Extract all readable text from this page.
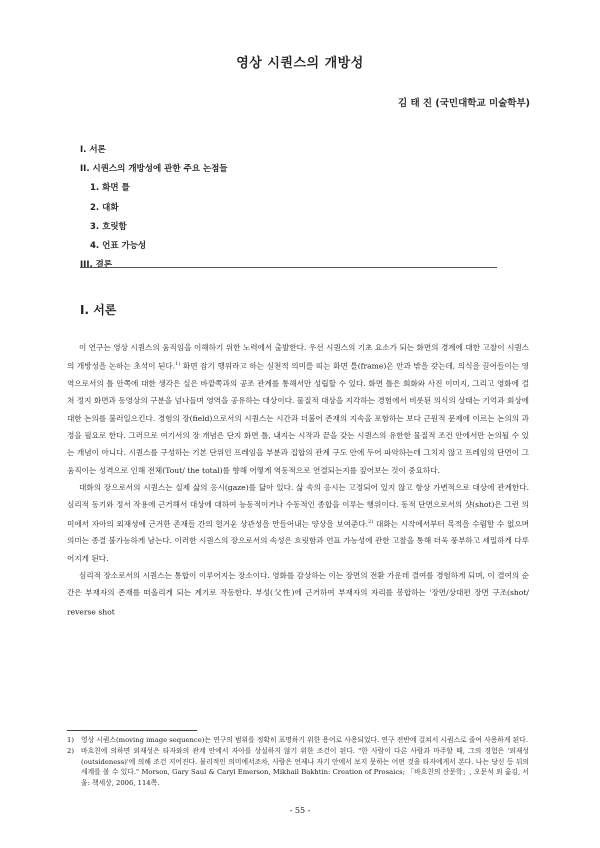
영상 시퀀스의 개방성
김 태 진 (국민대학교 미술학부)
I. 서론
II. 시퀀스의 개방성에 관한 주요 논점들
1. 화면 틀
2. 대화
3. 흐릿함
4. 언표 가능성
III. 결론
I. 서론

이 연구는 영상 시퀀스의 움직임을 이해하기 위한 노력에서 출발한다. 우선 시퀀스의 기초 요소가 되는 화면의 경계에 대한 고찰이 시퀀스의 개방성을 논하는 초석이 된다.$^{1)}$ 화면 잡기 행위라고 하는 실천적 의미를 띠는 화면 틀(frame)은 안과 밖을 갖는데, 의식을 끌어들이는 영역으로서의 틀 안쪽에 대한 생각은 실은 바깥쪽과의 공조 관계를 통해서만 성립할 수 있다. 화면 틀은 회화와 사진 이미지, 그리고 영화에 걸쳐 정지 화면과 동영상의 구분을 넘나들며 영역을 공유하는 대상이다. 물질적 대상을 지각하는 경험에서 비롯된 의식의 상태는 기억과 회상에 대한 논의를 불러일으킨다. 경험의 장(field)으로서의 시퀀스는 시간과 더불어 존재의 지속을 포함하는 보다 근원적 문제에 이르는 논의의 과정을 필요로 한다. 그러므로 여기서의 장 개념은 단지 화면 틀, 내지는 시작과 끝을 갖는 시퀀스의 유한한 물질적 조건 안에서만 논의될 수 있는 개념이 아니다. 시퀀스를 구성하는 기본 단위인 프레임을 부분과 집합의 관계 구도 안에 두어 파악하는데 그치지 않고 프레임의 단면이 그 움직이는 성격으로 인해 전체(Tout/ the total)를 향해 어떻게 역동적으로 연결되는지를 짚어보는 것이 중요하다.

대화의 장으로서의 시퀀스는 실제 삶의 응시(gaze)를 닮아 있다. 삶 속의 응시는 고정되어 있지 않고 항상 가변적으로 대상에 관계한다. 심리적 동기와 정서 작용에 근거해서 대상에 대하여 능동적이거나 수동적인 종합을 이루는 행위이다. 동적 단면으로서의 샷(shot)은 그런 의미에서 자아의 외재성에 근거한 존재들 간의 헐거운 상관성을 만들어내는 양상을 보여준다.$^{2)}$ 대화는 시작에서부터 목적을 수립할 수 없으며 의미는 종결 불가능하게 남는다. 이러한 시퀀스의 장으로서의 속성은 흐릿함과 언표 가능성에 관한 고찰을 통해 더욱 풍부하고 세밀하게 다루어지게 된다.

심리적 장소로서의 시퀀스는 통합이 이루어지는 장소이다. 영화를 감상하는 이는 장면의 전환 가운데 결여를 경험하게 되며, 이 결여의 순간은 부재자의 존재를 떠올리게 되는 계기로 작동한다. 부성(父性)에 근거하여 부재자의 자리를 봉합하는 '장면/상대편 장면 구조(shot/ reverse shot

1)	영상 시퀀스(moving image sequence)는 연구의 범위를 정확히 표명하기 위한 용어로 사용되었다. 연구 전반에 걸쳐서 시퀀스로 줄여 사용하게 된다.
2)	바흐친에 의하면 외재성은 타자와의 관계 안에서 자아를 상설하지 않기 위한 조건이 된다. "한 사람이 다른 사람과 마주할 때, 그의 경험은 '외재성(outsideness)'에 의해 조건 지어진다. 물리적인 의미에서조차, 사람은 언제나 자기 안에서 보지 못하는 어떤 것을 타자에게서 본다. 나는 당신 등 뒤의 세계를 볼 수 있다." Morson, Gary Saul & Caryl Emerson, Mikhail Bakhtin: Creation of Prosaics; 「바흐친의 산문학」, 오문석 외 옮김, 서울: 책세상, 2006, 114쪽.
- 55 -
